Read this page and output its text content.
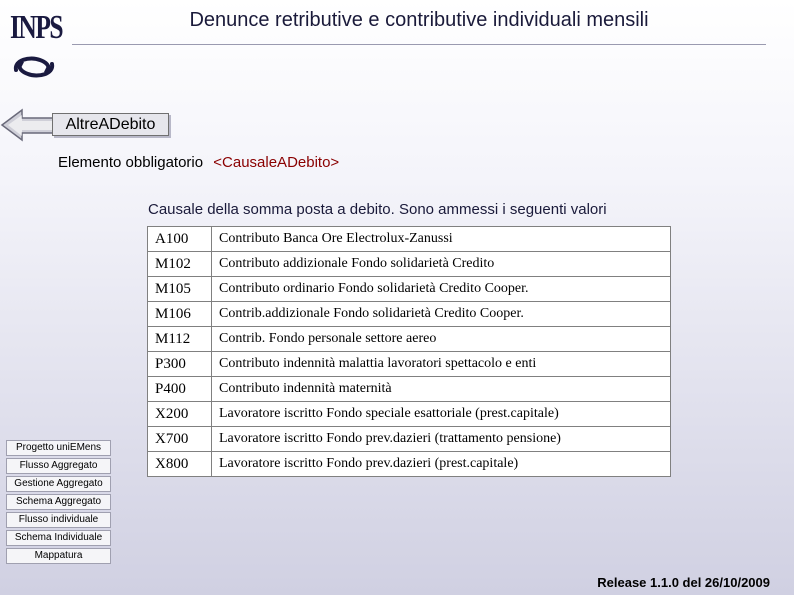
INPS	Denunce retributive e contributive individuali mensili
AltreADebito
Elemento obbligatorio <CausaleADebito>
Causale della somma posta a debito. Sono ammessi i seguenti valori
A100	Contributo Banca Ore Electrolux-Zanussi
M102	Contributo addizionale Fondo solidarietà Credito
M105	Contributo ordinario Fondo solidarietà Credito Cooper.
M106	Contrib.addizionale Fondo solidarietà Credito Cooper.
M112	Contrib. Fondo personale settore aereo
P300	Contributo indennità malattia lavoratori spettacolo e enti
P400	Contributo indennità maternità
X200	Lavoratore iscritto Fondo speciale esattoriale (prest.capitale)
X700	Lavoratore iscritto Fondo prev.dazieri (trattamento pensione)
X800	Lavoratore iscritto Fondo prev.dazieri (prest.capitale)
Progetto uniEMens
Flusso Aggregato
Gestione Aggregato
Schema Aggregato
Flusso individuale
Schema Individuale
Mappatura
Release 1.1.0 del 26/10/2009
